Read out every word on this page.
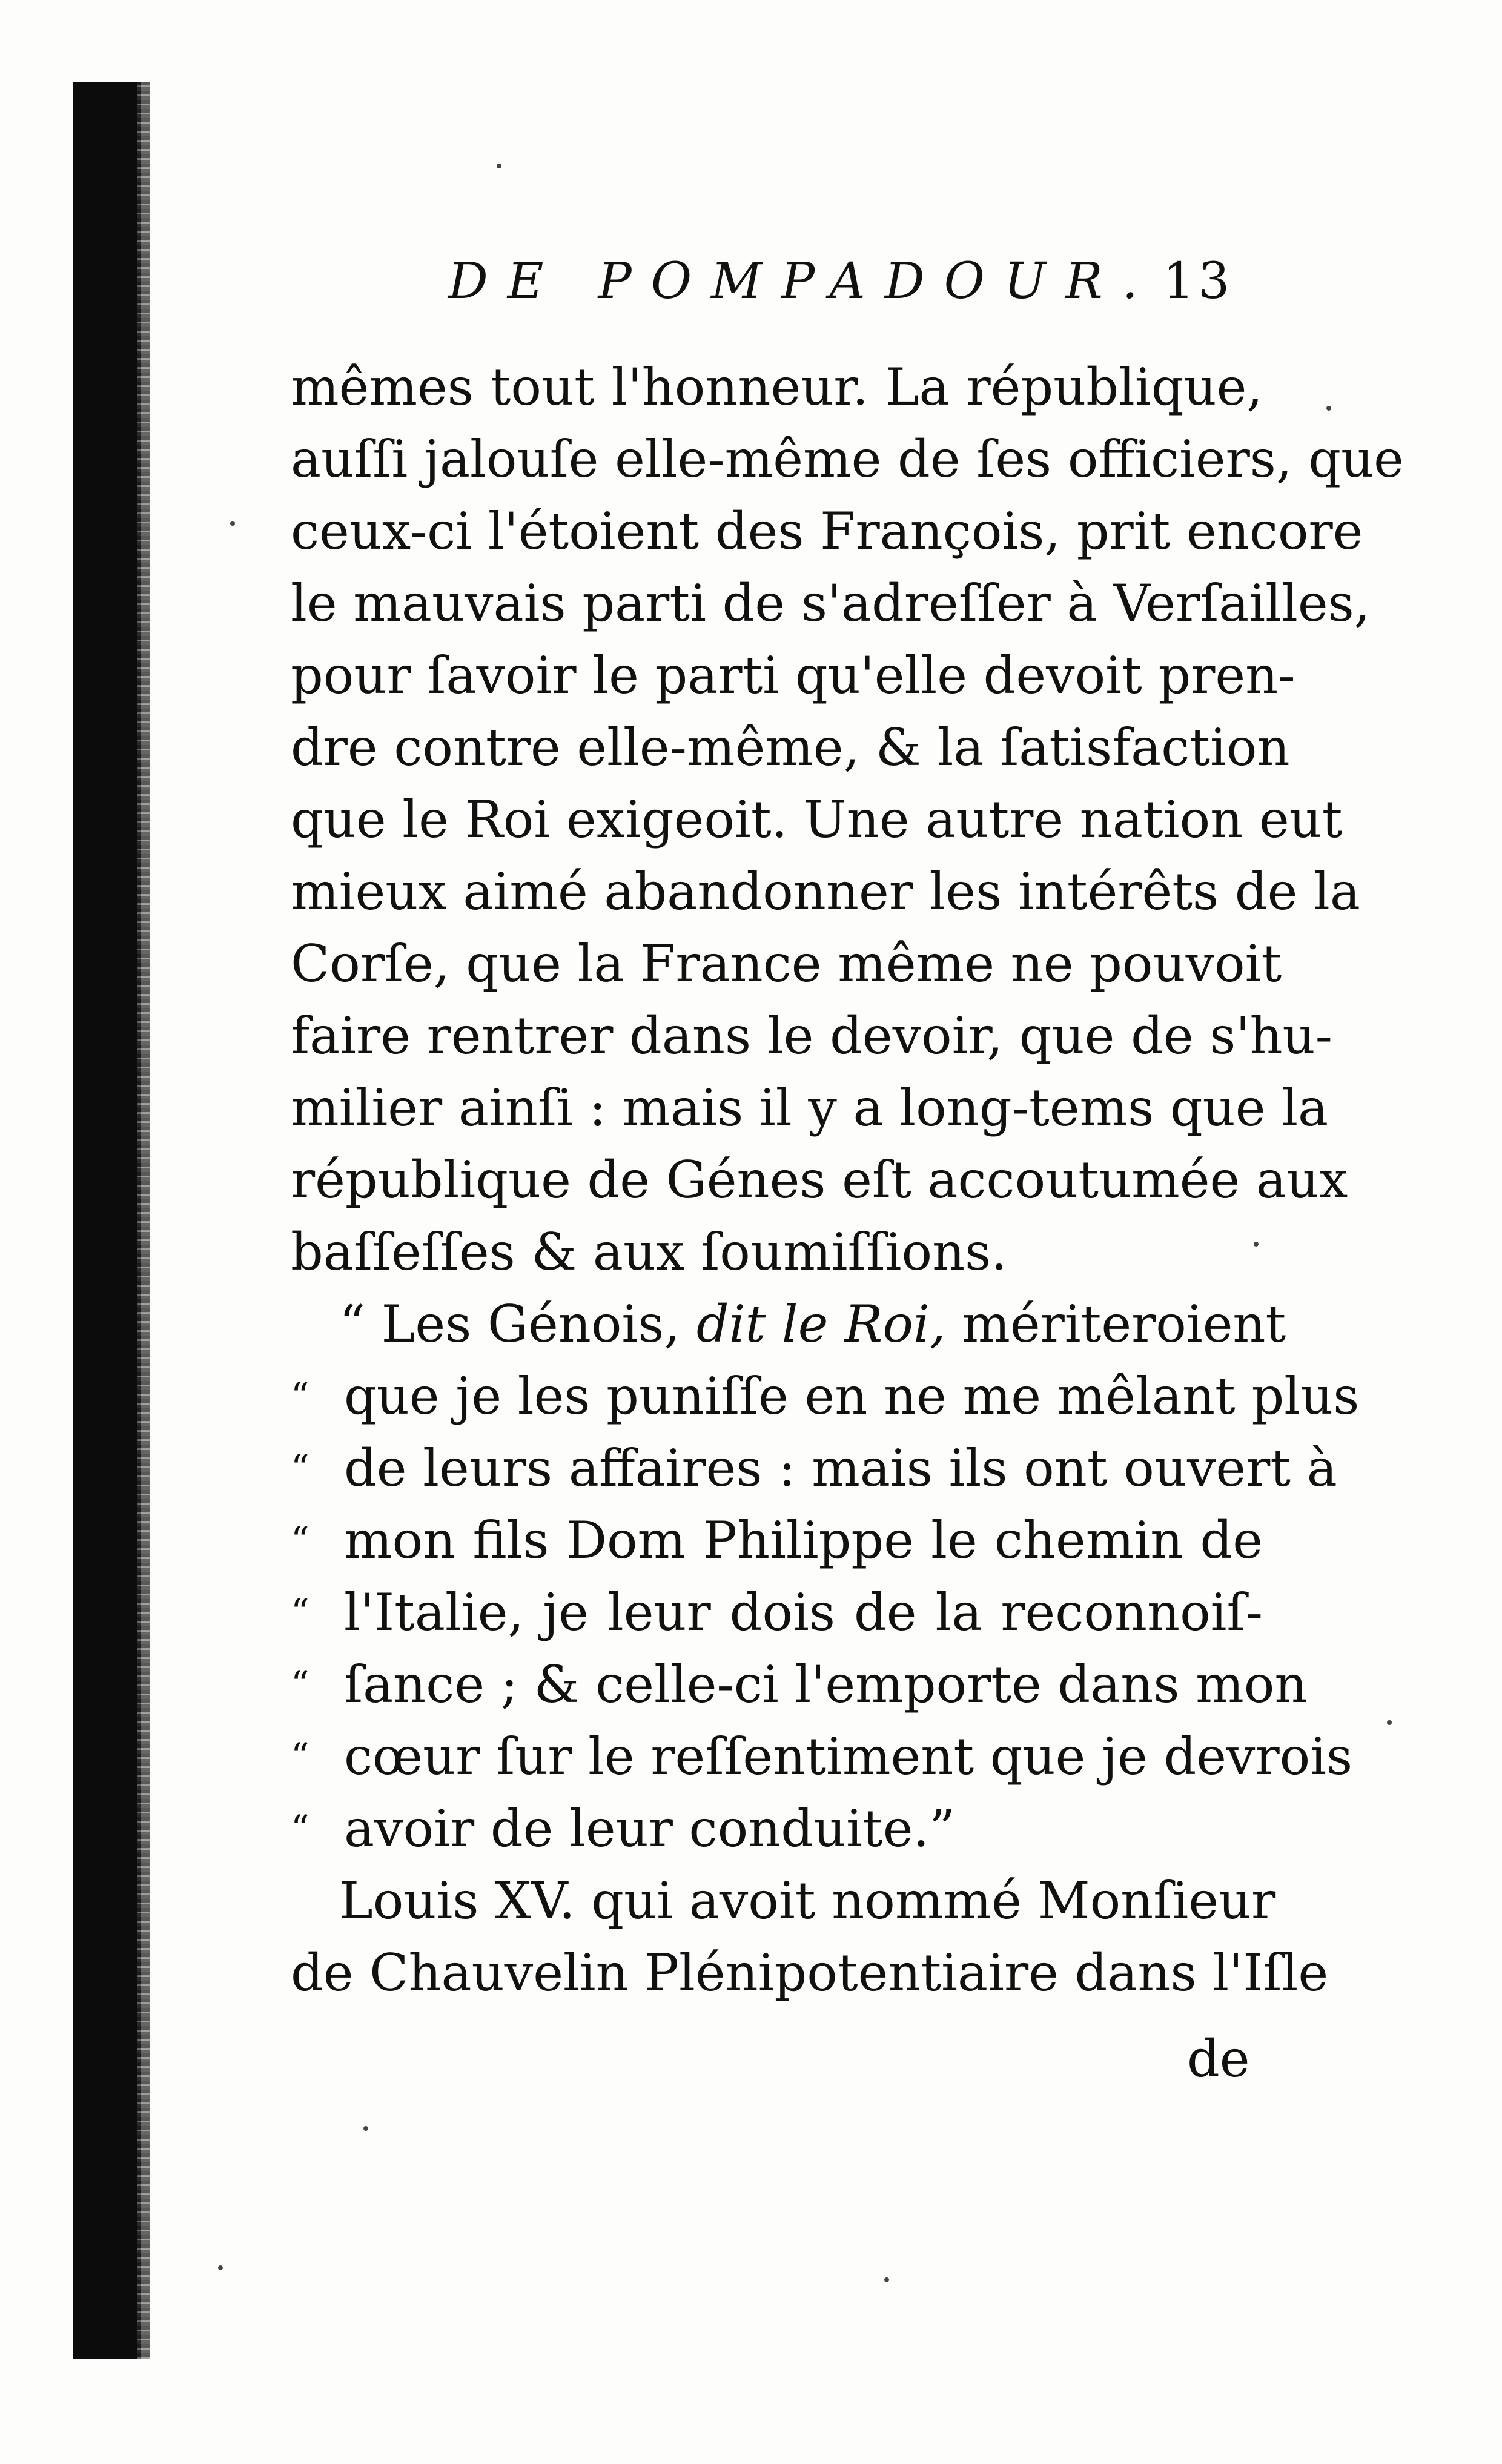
DE POMPADOUR. 13
mêmes tout l'honneur. La république,
auſſi jalouſe elle-même de ſes officiers, que
ceux-ci l'étoient des François, prit encore
le mauvais parti de s'adreſſer à Verſailles,
pour ſavoir le parti qu'elle devoit pren-
dre contre elle-même, & la ſatisfaction
que le Roi exigeoit. Une autre nation eut
mieux aimé abandonner les intérêts de la
Corſe, que la France même ne pouvoit
faire rentrer dans le devoir, que de s'hu-
milier ainſi : mais il y a long-tems que la
république de Génes eſt accoutumée aux
baſſeſſes & aux ſoumiſſions.
“ Les Génois, dit le Roi, mériteroient
“ que je les puniſſe en ne me mêlant plus
“ de leurs affaires : mais ils ont ouvert à
“ mon fils Dom Philippe le chemin de
“ l'Italie, je leur dois de la reconnoiſ-
“ ſance ; & celle-ci l'emporte dans mon
“ cœur ſur le reſſentiment que je devrois
“ avoir de leur conduite.”
Louis XV. qui avoit nommé Monſieur
de Chauvelin Plénipotentiaire dans l'Iſle
de
